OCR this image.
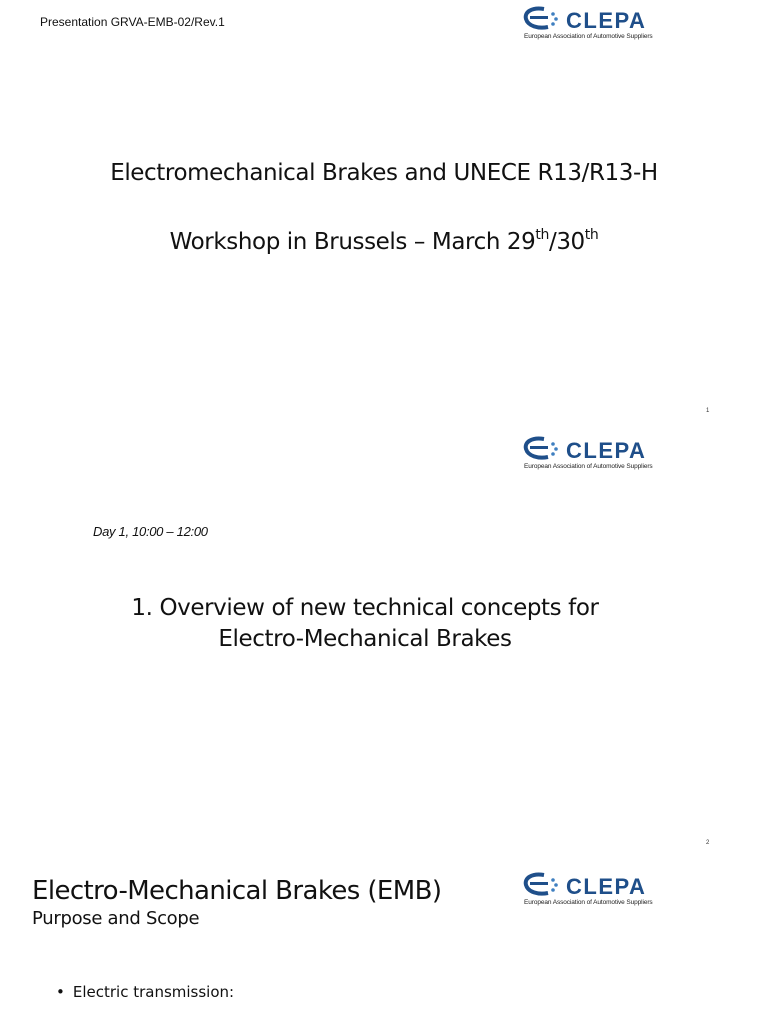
Presentation GRVA-EMB-02/Rev.1	CLEPA
European Association of Automotive Suppliers
Electromechanical Brakes and UNECE R13/R13-H
Workshop in Brussels – March 29th/30th
1
CLEPA
European Association of Automotive Suppliers
Day 1, 10:00 – 12:00
1. Overview of new technical concepts for
Electro-Mechanical Brakes
2
CLEPA
European Association of Automotive Suppliers
Electro-Mechanical Brakes (EMB)
Purpose and Scope
• Electric transmission:
